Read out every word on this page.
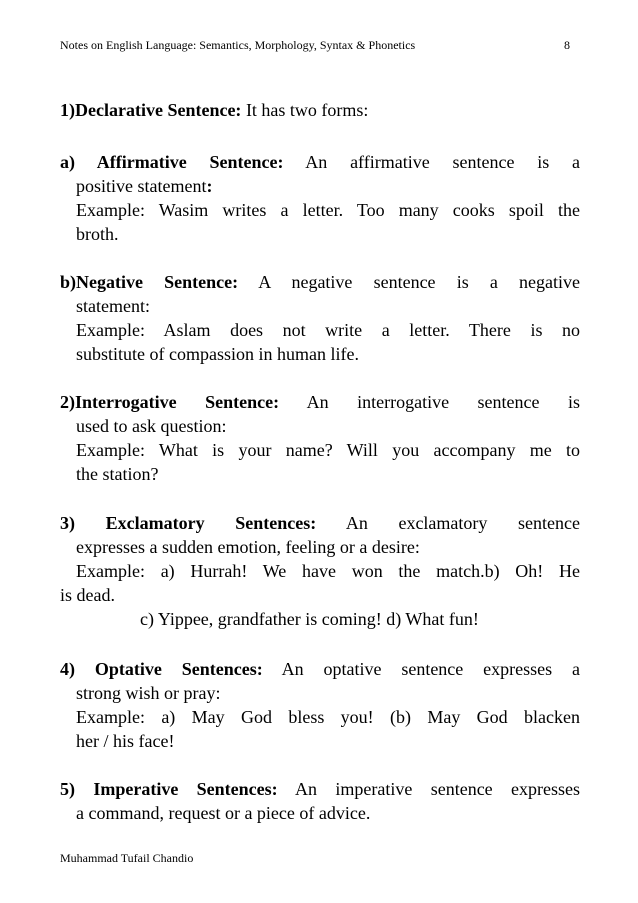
Notes on English Language: Semantics, Morphology, Syntax & Phonetics	8
1)Declarative Sentence: It has two forms:
a) Affirmative Sentence: An affirmative sentence is a
positive statement:
Example: Wasim writes a letter. Too many cooks spoil the
broth.
b)Negative Sentence: A negative sentence is a negative
statement:
Example: Aslam does not write a letter. There is no
substitute of compassion in human life.
2)Interrogative Sentence: An interrogative sentence is
used to ask question:
Example: What is your name? Will you accompany me to
the station?
3) Exclamatory Sentences: An exclamatory sentence
expresses a sudden emotion, feeling or a desire:
Example: a) Hurrah! We have won the match.b) Oh! He
is dead.
c) Yippee, grandfather is coming! d) What fun!
4) Optative Sentences: An optative sentence expresses a
strong wish or pray:
Example: a) May God bless you! (b) May God blacken
her / his face!
5) Imperative Sentences: An imperative sentence expresses
a command, request or a piece of advice.
Muhammad Tufail Chandio
